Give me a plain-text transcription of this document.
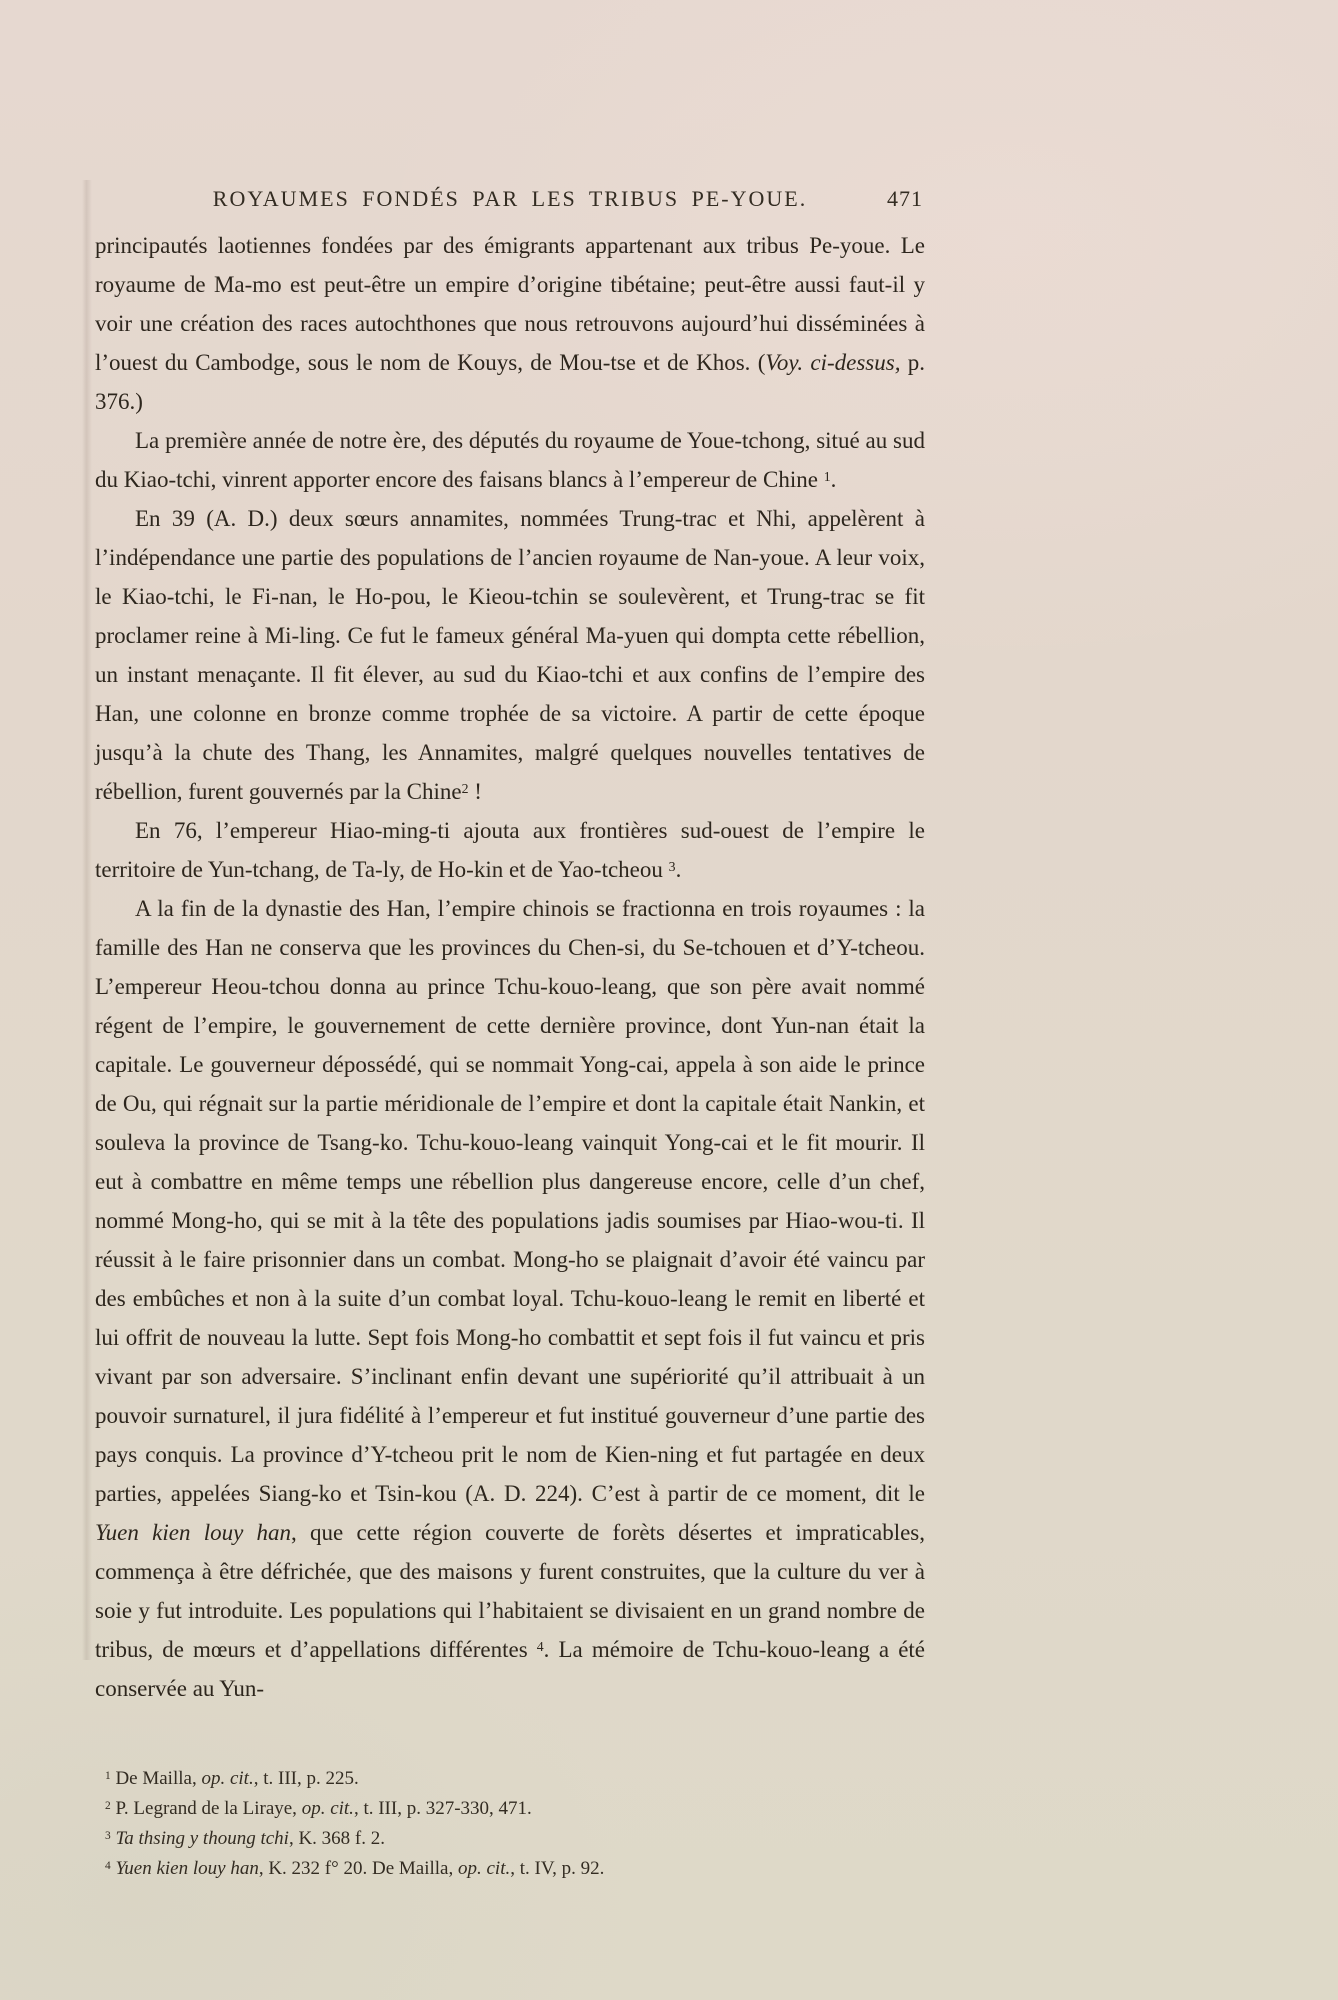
ROYAUMES FONDÉS PAR LES TRIBUS PE-YOUE.	471

principautés laotiennes fondées par des émigrants appartenant aux tribus Pe-youe. Le royaume de Ma-mo est peut-être un empire d’origine tibétaine; peut-être aussi faut-il y voir une création des races autochthones que nous retrouvons aujourd’hui disséminées à l’ouest du Cambodge, sous le nom de Kouys, de Mou-tse et de Khos. (Voy. ci-dessus, p. 376.)

La première année de notre ère, des députés du royaume de Youe-tchong, situé au sud du Kiao-tchi, vinrent apporter encore des faisans blancs à l’empereur de Chine $^1$.

En 39 (A. D.) deux sœurs annamites, nommées Trung-trac et Nhi, appelèrent à l’indépendance une partie des populations de l’ancien royaume de Nan-youe. A leur voix, le Kiao-tchi, le Fi-nan, le Ho-pou, le Kieou-tchin se soulevèrent, et Trung-trac se fit proclamer reine à Mi-ling. Ce fut le fameux général Ma-yuen qui dompta cette rébellion, un instant menaçante. Il fit élever, au sud du Kiao-tchi et aux confins de l’empire des Han, une colonne en bronze comme trophée de sa victoire. A partir de cette époque jusqu’à la chute des Thang, les Annamites, malgré quelques nouvelles tentatives de rébellion, furent gouvernés par la Chine$^2$ !

En 76, l’empereur Hiao-ming-ti ajouta aux frontières sud-ouest de l’empire le territoire de Yun-tchang, de Ta-ly, de Ho-kin et de Yao-tcheou $^3$.

A la fin de la dynastie des Han, l’empire chinois se fractionna en trois royaumes : la famille des Han ne conserva que les provinces du Chen-si, du Se-tchouen et d’Y-tcheou. L’empereur Heou-tchou donna au prince Tchu-kouo-leang, que son père avait nommé régent de l’empire, le gouvernement de cette dernière province, dont Yun-nan était la capitale. Le gouverneur dépossédé, qui se nommait Yong-cai, appela à son aide le prince de Ou, qui régnait sur la partie méridionale de l’empire et dont la capitale était Nankin, et souleva la province de Tsang-ko. Tchu-kouo-leang vainquit Yong-cai et le fit mourir. Il eut à combattre en même temps une rébellion plus dangereuse encore, celle d’un chef, nommé Mong-ho, qui se mit à la tête des populations jadis soumises par Hiao-wou-ti. Il réussit à le faire prisonnier dans un combat. Mong-ho se plaignait d’avoir été vaincu par des embûches et non à la suite d’un combat loyal. Tchu-kouo-leang le remit en liberté et lui offrit de nouveau la lutte. Sept fois Mong-ho combattit et sept fois il fut vaincu et pris vivant par son adversaire. S’inclinant enfin devant une supériorité qu’il attribuait à un pouvoir surnaturel, il jura fidélité à l’empereur et fut institué gouverneur d’une partie des pays conquis. La province d’Y-tcheou prit le nom de Kien-ning et fut partagée en deux parties, appelées Siang-ko et Tsin-kou (A. D. 224). C’est à partir de ce moment, dit le Yuen kien louy han, que cette région couverte de forèts désertes et impraticables, commença à être défrichée, que des maisons y furent construites, que la culture du ver à soie y fut introduite. Les populations qui l’habitaient se divisaient en un grand nombre de tribus, de mœurs et d’appellations différentes $^4$. La mémoire de Tchu-kouo-leang a été conservée au Yun-

$^1$ De Mailla, op. cit., t. III, p. 225.

$^2$ P. Legrand de la Liraye, op. cit., t. III, p. 327-330, 471.

$^3$ Ta thsing y thoung tchi, K. 368 f. 2.

$^4$ Yuen kien louy han, K. 232 f° 20. De Mailla, op. cit., t. IV, p. 92.
